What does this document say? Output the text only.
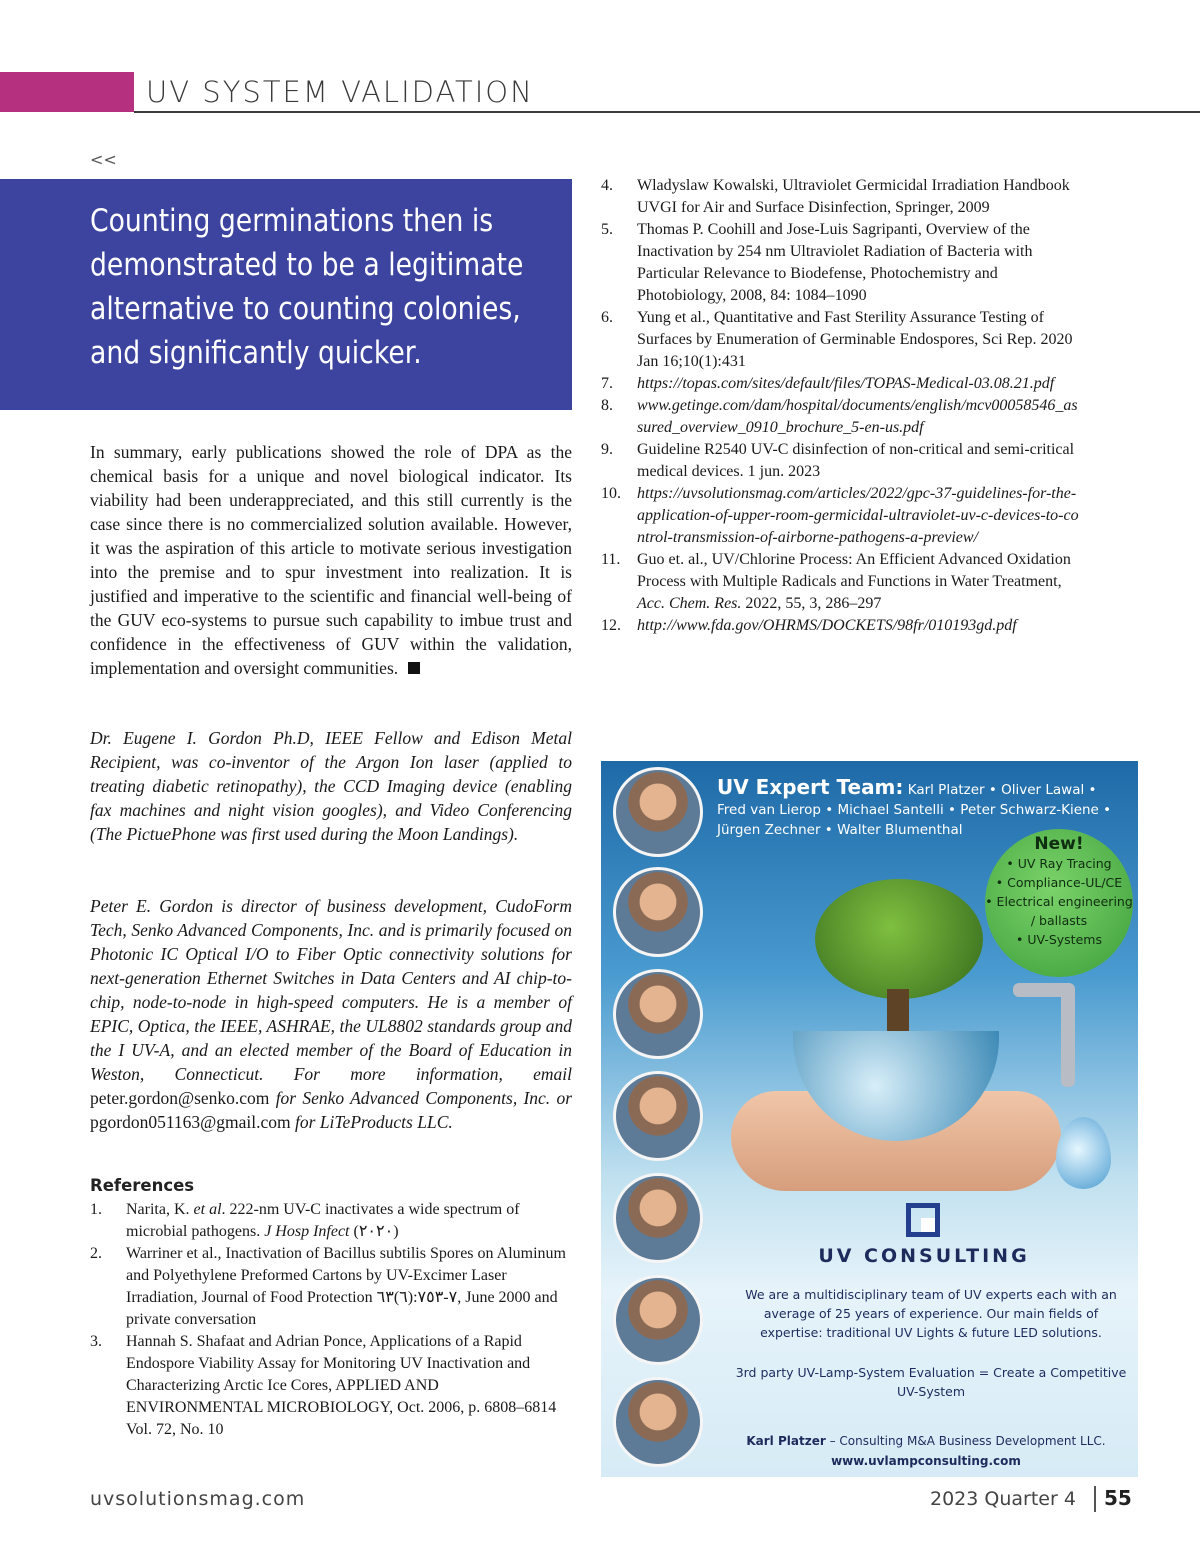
UV SYSTEM VALIDATION
<<

Counting germinations then is demonstrated to be a legitimate alternative to counting colonies, and significantly quicker.

In summary, early publications showed the role of DPA as the chemical basis for a unique and novel biological indicator. Its viability had been underappreciated, and this still currently is the case since there is no commercialized solution available. However, it was the aspiration of this article to motivate serious investigation into the premise and to spur investment into realization. It is justified and imperative to the scientific and financial well-being of the GUV eco-systems to pursue such capability to imbue trust and confidence in the effectiveness of GUV within the validation, implementation and oversight communities.

Dr. Eugene I. Gordon Ph.D, IEEE Fellow and Edison Metal Recipient, was co-inventor of the Argon Ion laser (applied to treating diabetic retinopathy), the CCD Imaging device (enabling fax machines and night vision googles), and Video Conferencing (The PictuePhone was first used during the Moon Landings).

Peter E. Gordon is director of business development, CudoForm Tech, Senko Advanced Components, Inc. and is primarily focused on Photonic IC Optical I/O to Fiber Optic connectivity solutions for next-generation Ethernet Switches in Data Centers and AI chip-to-chip, node-to-node in high-speed computers. He is a member of EPIC, Optica, the IEEE, ASHRAE, the UL8802 standards group and the I UV-A, and an elected member of the Board of Education in Weston, Connecticut. For more information, email peter.gordon@senko.com for Senko Advanced Components, Inc. or pgordon051163@gmail.com for LiTeProducts LLC.

References
1. Narita, K. et al. 222-nm UV-C inactivates a wide spectrum of microbial pathogens. J Hosp Infect (٢٠٢٠)
2. Warriner et al., Inactivation of Bacillus subtilis Spores on Aluminum and Polyethylene Preformed Cartons by UV-Excimer Laser Irradiation, Journal of Food Protection ٧-٧٥٣:(٦)٦٣, June 2000 and private conversation
3. Hannah S. Shafaat and Adrian Ponce, Applications of a Rapid Endospore Viability Assay for Monitoring UV Inactivation and Characterizing Arctic Ice Cores, APPLIED AND ENVIRONMENTAL MICROBIOLOGY, Oct. 2006, p. 6808–6814 Vol. 72, No. 10
4. Wladyslaw Kowalski, Ultraviolet Germicidal Irradiation Handbook UVGI for Air and Surface Disinfection, Springer, 2009
5. Thomas P. Coohill and Jose-Luis Sagripanti, Overview of the Inactivation by 254 nm Ultraviolet Radiation of Bacteria with Particular Relevance to Biodefense, Photochemistry and Photobiology, 2008, 84: 1084–1090
6. Yung et al., Quantitative and Fast Sterility Assurance Testing of Surfaces by Enumeration of Germinable Endospores, Sci Rep. 2020 Jan 16;10(1):431
7. https://topas.com/sites/default/files/TOPAS-Medical-03.08.21.pdf
8. www.getinge.com/dam/hospital/documents/english/mcv00058546_assured_overview_0910_brochure_5-en-us.pdf
9. Guideline R2540 UV-C disinfection of non-critical and semi-critical medical devices. 1 jun. 2023
10. https://uvsolutionsmag.com/articles/2022/gpc-37-guidelines-for-the-application-of-upper-room-germicidal-ultraviolet-uv-c-devices-to-control-transmission-of-airborne-pathogens-a-preview/
11. Guo et. al., UV/Chlorine Process: An Efficient Advanced Oxidation Process with Multiple Radicals and Functions in Water Treatment, Acc. Chem. Res. 2022, 55, 3, 286–297
12. http://www.fda.gov/OHRMS/DOCKETS/98fr/010193gd.pdf
UV Expert Team: Karl Platzer • Oliver Lawal • Fred van Lierop • Michael Santelli • Peter Schwarz-Kiene • Jürgen Zechner • Walter Blumenthal
New!
• UV Ray Tracing
• Compliance-UL/CE
• Electrical engineering
/ ballasts
• UV-Systems
UV CONSULTING
We are a multidisciplinary team of UV experts each with an average of 25 years of experience. Our main fields of expertise: traditional UV Lights & future LED solutions.
3rd party UV-Lamp-System Evaluation = Create a Competitive UV-System
Karl Platzer – Consulting M&A Business Development LLC.
www.uvlampconsulting.com
uvsolutionsmag.com	2023 Quarter 4 55
